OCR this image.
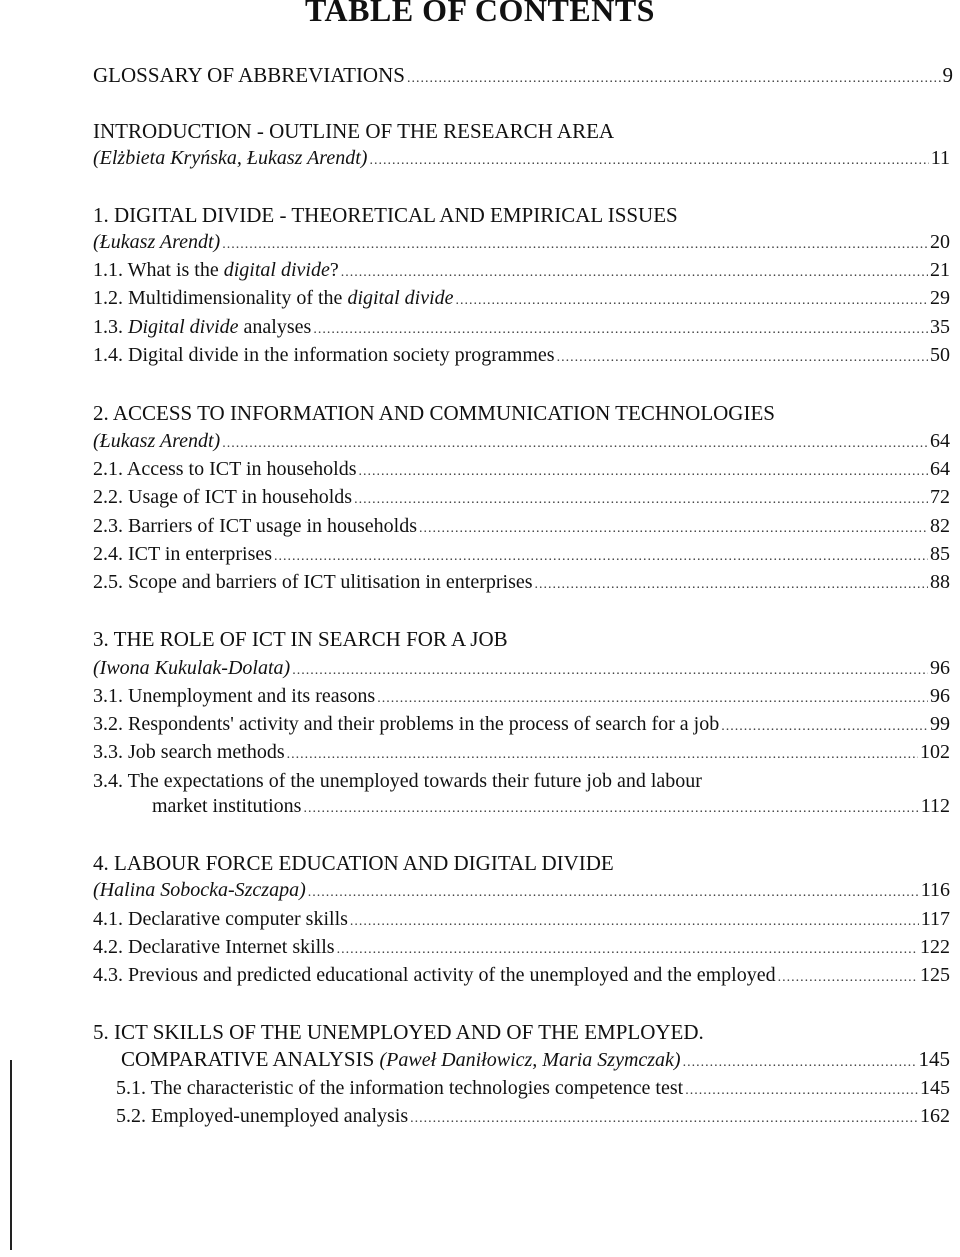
TABLE OF CONTENTS
GLOSSARY OF ABBREVIATIONS .....	9
INTRODUCTION - OUTLINE OF THE RESEARCH AREA
(Elżbieta Kryńska, Łukasz Arendt) .....	11
1. DIGITAL DIVIDE - THEORETICAL AND EMPIRICAL ISSUES
(Łukasz Arendt) .....	20
1.1. What is the digital divide? .....	21
1.2. Multidimensionality of the digital divide .....	29
1.3. Digital divide analyses .....	35
1.4. Digital divide in the information society programmes .....	50
2. ACCESS TO INFORMATION AND COMMUNICATION TECHNOLOGIES
(Łukasz Arendt) .....	64
2.1. Access to ICT in households .....	64
2.2. Usage of ICT in households .....	72
2.3. Barriers of ICT usage in households .....	82
2.4. ICT in enterprises .....	85
2.5. Scope and barriers of ICT ulitisation in enterprises .....	88
3. THE ROLE OF ICT IN SEARCH FOR A JOB
(Iwona Kukulak-Dolata) .....	96
3.1. Unemployment and its reasons .....	96
3.2. Respondents' activity and their problems in the process of search for a job .....	99
3.3. Job search methods .....	102
3.4. The expectations of the unemployed towards their future job and labour
market institutions .....	112
4. LABOUR FORCE EDUCATION AND DIGITAL DIVIDE
(Halina Sobocka-Szczapa) .....	116
4.1. Declarative computer skills .....	117
4.2. Declarative Internet skills .....	122
4.3. Previous and predicted educational activity of the unemployed and the employed .....	125
5. ICT SKILLS OF THE UNEMPLOYED AND OF THE EMPLOYED.
COMPARATIVE ANALYSIS (Paweł Daniłowicz, Maria Szymczak) .....	145
5.1. The characteristic of the information technologies competence test .....	145
5.2. Employed-unemployed analysis .....	162
